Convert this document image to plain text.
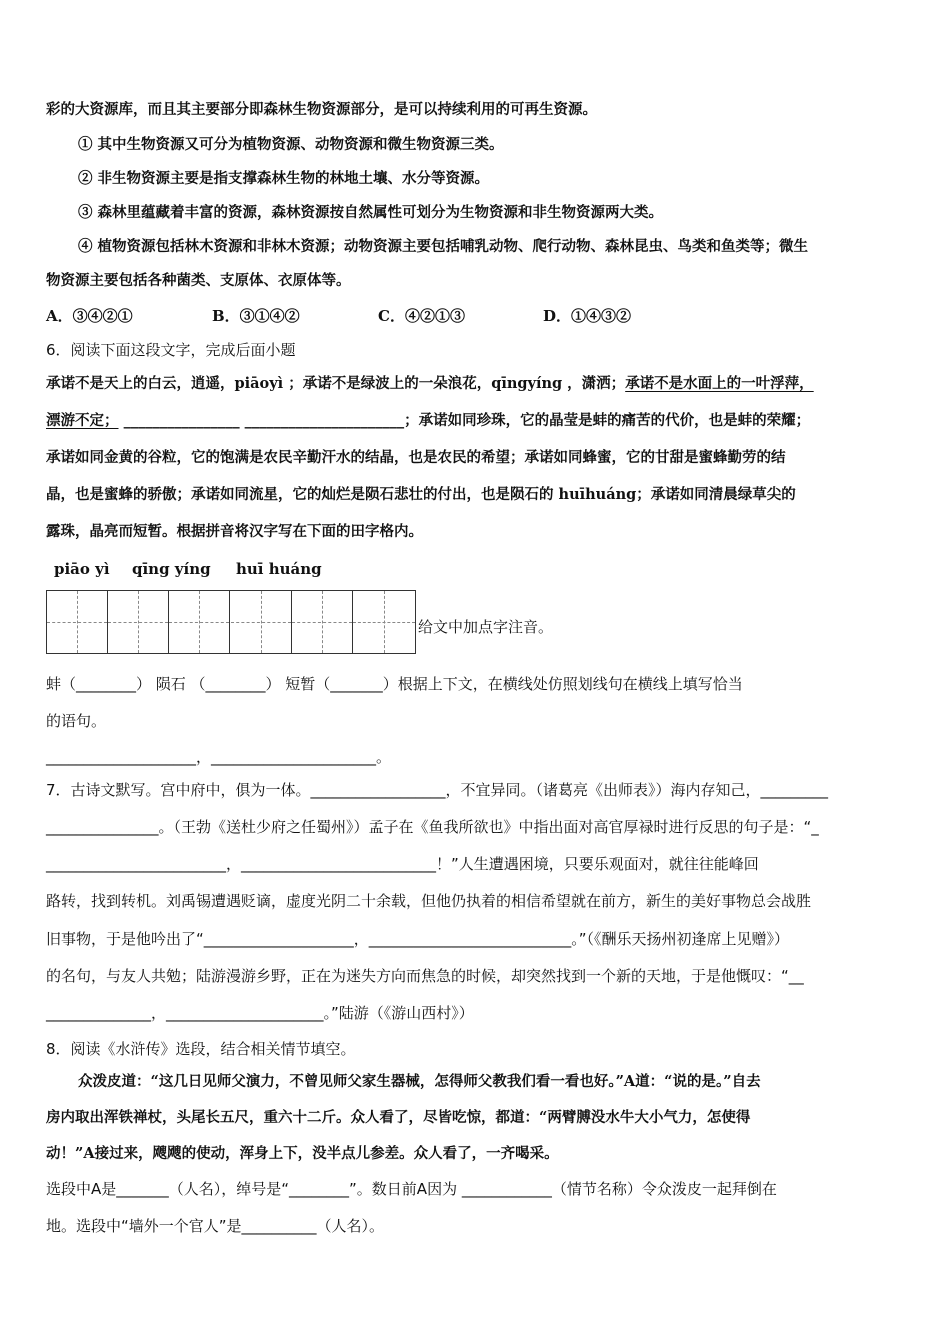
彩的大资源库，而且其主要部分即森林生物资源部分，是可以持续利用的可再生资源。
① 其中生物资源又可分为植物资源、动物资源和微生物资源三类。
② 非生物资源主要是指支撑森林生物的林地土壤、水分等资源。
③ 森林里蕴藏着丰富的资源，森林资源按自然属性可划分为生物资源和非生物资源两大类。
④ 植物资源包括林木资源和非林木资源；动物资源主要包括哺乳动物、爬行动物、森林昆虫、鸟类和鱼类等；微生
物资源主要包括各种菌类、支原体、衣原体等。
A．③④②①	B．③①④②	C．④②①③	D．①④③②
6．阅读下面这段文字，完成后面小题
承诺不是天上的白云，逍遥，piāoyì ；承诺不是绿波上的一朵浪花，qīngyíng ，潇洒；承诺不是水面上的一叶浮萍，
漂游不定； ________________ ______________________；承诺如同珍珠，它的晶莹是蚌的痛苦的代价，也是蚌的荣耀；
承诺如同金黄的谷粒，它的饱满是农民辛勤汗水的结晶，也是农民的希望；承诺如同蜂蜜，它的甘甜是蜜蜂勤劳的结
晶，也是蜜蜂的骄傲；承诺如同流星，它的灿烂是陨石悲壮的付出，也是陨石的 huīhuáng；承诺如同清晨绿草尖的
露珠，晶亮而短暂。根据拼音将汉字写在下面的田字格内。
piāo yì qīng yíng huī huáng
给文中加点字注音。
蚌（________） 陨石 （________） 短暂（_______）根据上下文，在横线处仿照划线句在横线上填写恰当
的语句。
____________________，______________________。
7．古诗文默写。宫中府中，俱为一体。__________________，不宜异同。（诸葛亮《出师表》）海内存知己，_________
_______________。（王勃《送杜少府之任蜀州》）孟子在《鱼我所欲也》中指出面对高官厚禄时进行反思的句子是：“_
________________________，__________________________！”人生遭遇困境，只要乐观面对，就往往能峰回
路转，找到转机。刘禹锡遭遇贬谪，虚度光阴二十余载，但他仍执着的相信希望就在前方，新生的美好事物总会战胜
旧事物，于是他吟出了“____________________，___________________________。”（《酬乐天扬州初逢席上见赠》）
的名句，与友人共勉；陆游漫游乡野，正在为迷失方向而焦急的时候，却突然找到一个新的天地，于是他慨叹：“__
______________，_____________________。”陆游（《游山西村》）
8．阅读《水浒传》选段，结合相关情节填空。
众泼皮道：“这几日见师父演力，不曾见师父家生器械，怎得师父教我们看一看也好。”A道：“说的是。”自去
房内取出浑铁禅杖，头尾长五尺，重六十二斤。众人看了，尽皆吃惊，都道：“两臂膊没水牛大小气力，怎使得
动！”A接过来，飕飕的使动，浑身上下，没半点儿参差。众人看了，一齐喝采。
选段中A是_______（人名），绰号是“________”。数日前A因为 ____________（情节名称）令众泼皮一起拜倒在
地。选段中“墙外一个官人”是__________（人名）。
